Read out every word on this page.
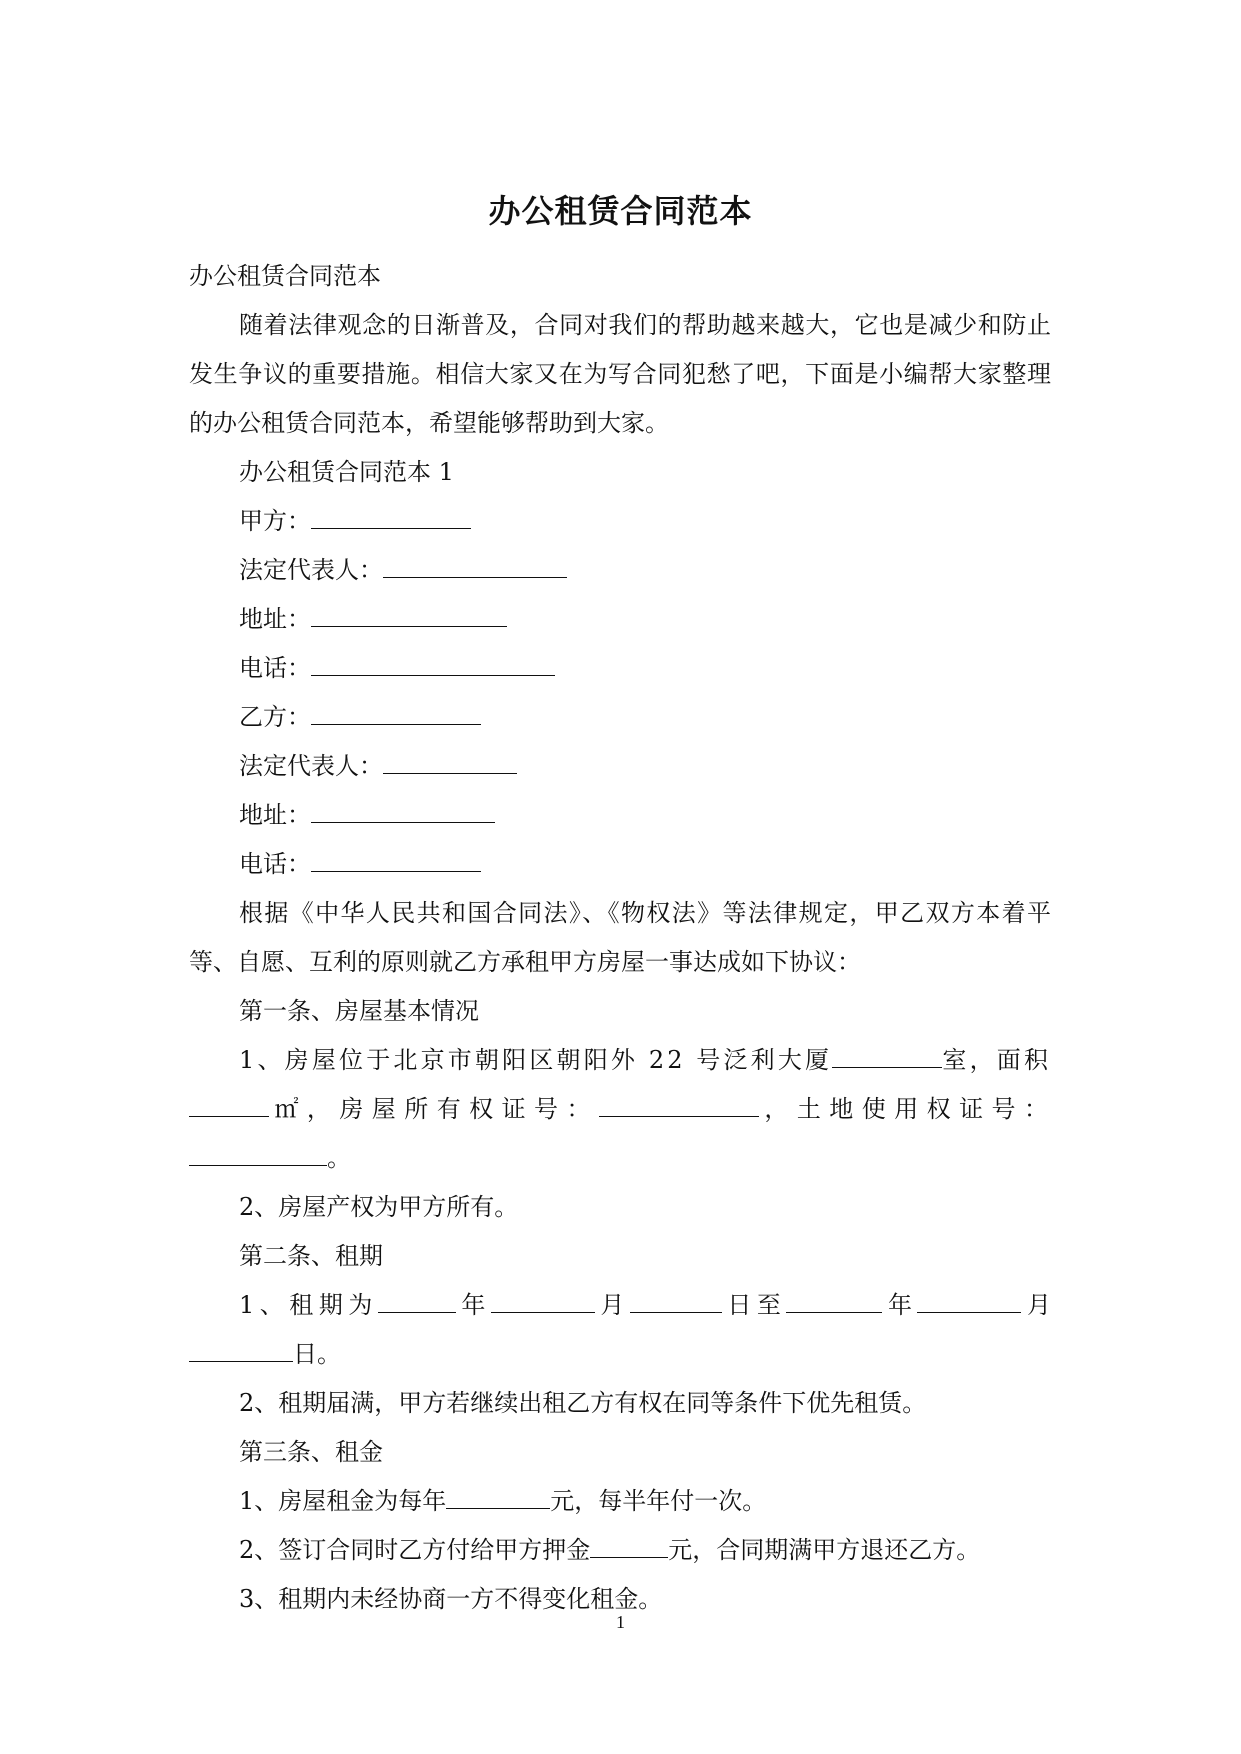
办公租赁合同范本

办公租赁合同范本

随着法律观念的日渐普及，合同对我们的帮助越来越大，它也是减少和防止发生争议的重要措施。相信大家又在为写合同犯愁了吧，下面是小编帮大家整理的办公租赁合同范本，希望能够帮助到大家。

办公租赁合同范本 1

甲方：

法定代表人：

地址：

电话：

乙方：

法定代表人：

地址：

电话：

根据《中华人民共和国合同法》、《物权法》等法律规定，甲乙双方本着平等、自愿、互利的原则就乙方承租甲方房屋一事达成如下协议：

第一条、房屋基本情况

1、房屋位于北京市朝阳区朝阳外 22 号泛利大厦	室，面积㎡，房屋所有权证号：	，土地使用权证号：。

2、房屋产权为甲方所有。

第二条、租期

1、租期为	年	月	日至	年	月日。

2、租期届满，甲方若继续出租乙方有权在同等条件下优先租赁。

第三条、租金

1、房屋租金为每年	元，每半年付一次。

2、签订合同时乙方付给甲方押金	元，合同期满甲方退还乙方。

3、租期内未经协商一方不得变化租金。

1
